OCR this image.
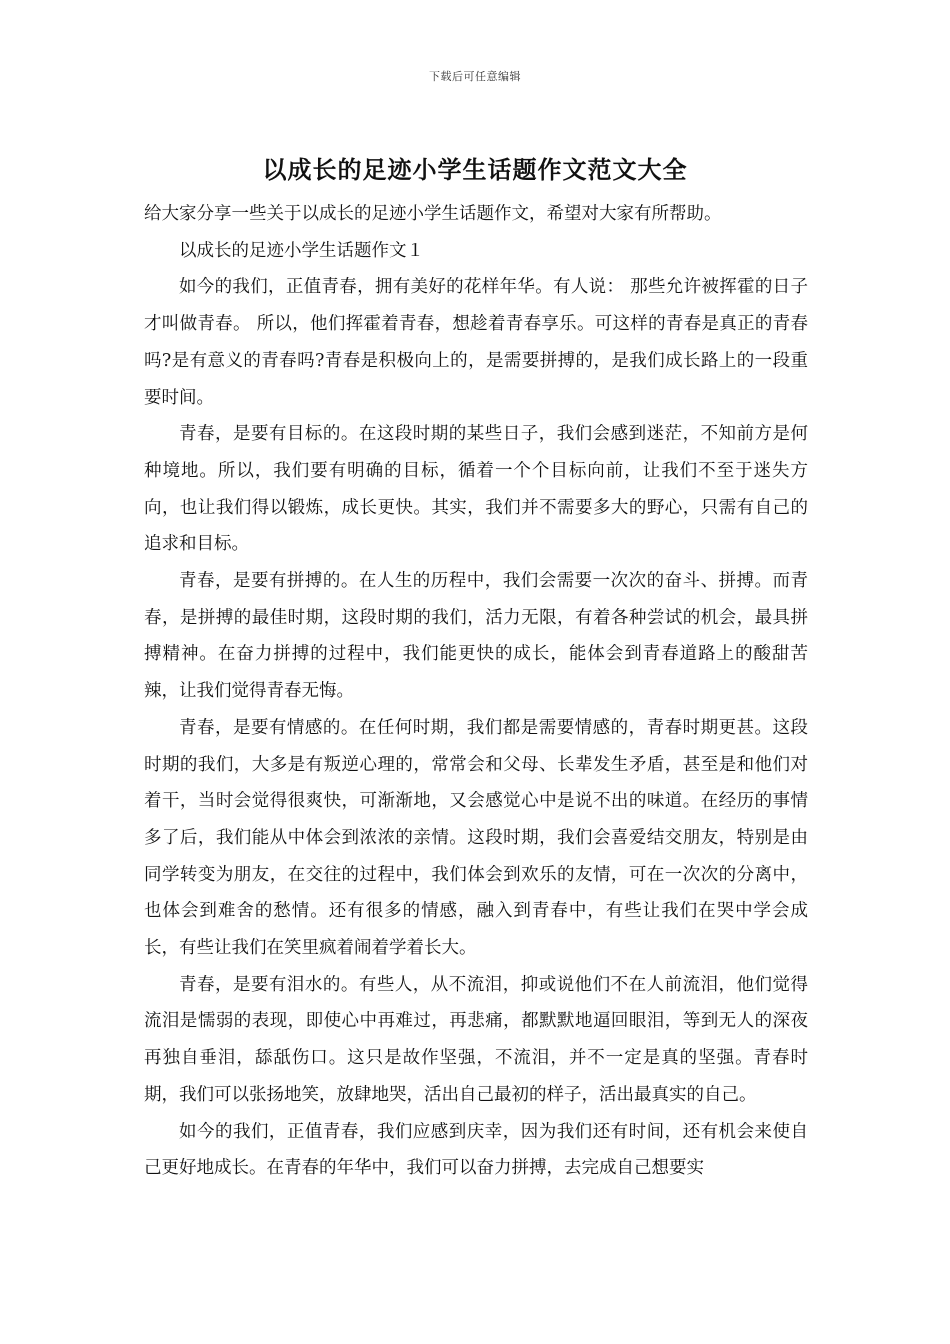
下载后可任意编辑
以成长的足迹小学生话题作文范文大全

给大家分享一些关于以成长的足迹小学生话题作文，希望对大家有所帮助。

以成长的足迹小学生话题作文１

如今的我们，正值青春，拥有美好的花样年华。有人说： 那些允许被挥霍的日子才叫做青春。 所以，他们挥霍着青春，想趁着青春享乐。可这样的青春是真正的青春吗?是有意义的青春吗?青春是积极向上的，是需要拼搏的，是我们成长路上的一段重要时间。

青春，是要有目标的。在这段时期的某些日子，我们会感到迷茫，不知前方是何种境地。所以，我们要有明确的目标，循着一个个目标向前，让我们不至于迷失方向，也让我们得以锻炼，成长更快。其实，我们并不需要多大的野心，只需有自己的追求和目标。

青春，是要有拼搏的。在人生的历程中，我们会需要一次次的奋斗、拼搏。而青春，是拼搏的最佳时期，这段时期的我们，活力无限，有着各种尝试的机会，最具拼搏精神。在奋力拼搏的过程中，我们能更快的成长，能体会到青春道路上的酸甜苦辣，让我们觉得青春无悔。

青春，是要有情感的。在任何时期，我们都是需要情感的，青春时期更甚。这段时期的我们，大多是有叛逆心理的，常常会和父母、长辈发生矛盾，甚至是和他们对着干，当时会觉得很爽快，可渐渐地，又会感觉心中是说不出的味道。在经历的事情多了后，我们能从中体会到浓浓的亲情。这段时期，我们会喜爱结交朋友，特别是由同学转变为朋友，在交往的过程中，我们体会到欢乐的友情，可在一次次的分离中，也体会到难舍的愁情。还有很多的情感，融入到青春中，有些让我们在哭中学会成长，有些让我们在笑里疯着闹着学着长大。

青春，是要有泪水的。有些人，从不流泪，抑或说他们不在人前流泪，他们觉得流泪是懦弱的表现，即使心中再难过，再悲痛，都默默地逼回眼泪，等到无人的深夜再独自垂泪，舔舐伤口。这只是故作坚强，不流泪，并不一定是真的坚强。青春时期，我们可以张扬地笑，放肆地哭，活出自己最初的样子，活出最真实的自己。

如今的我们，正值青春，我们应感到庆幸，因为我们还有时间，还有机会来使自己更好地成长。在青春的年华中，我们可以奋力拼搏，去完成自己想要实
